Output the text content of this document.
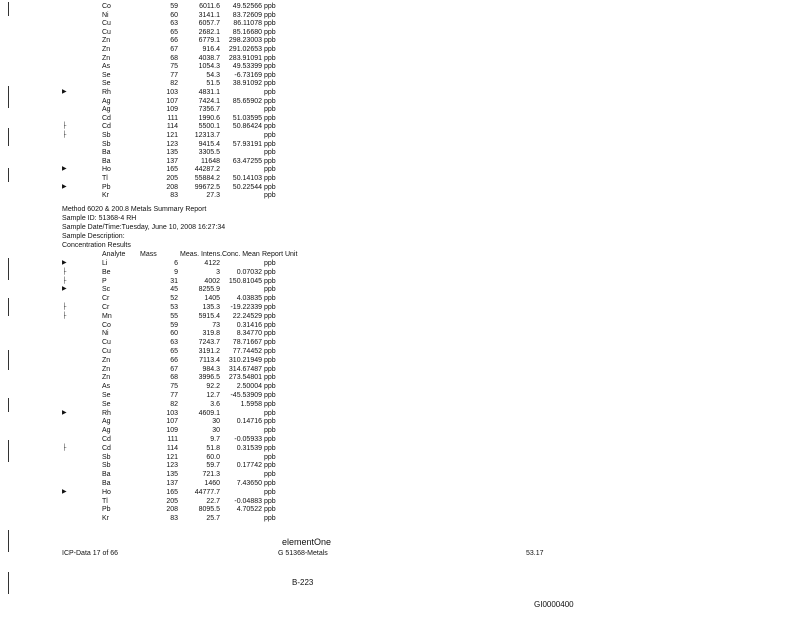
Co	59	6011.6	49.52566 ppb
Ni	60	3141.1	83.72609 ppb
Cu	63	6057.7	86.11078 ppb
Cu	65	2682.1	85.16680 ppb
Zn	66	6779.1	298.23003 ppb
Zn	67	916.4	291.02653 ppb
Zn	68	4038.7	283.91091 ppb
As	75	1054.3	49.53399 ppb
Se	77	54.3	-6.73169 ppb
Se	82	51.5	38.91092 ppb
▶	Rh	103	4831.1	ppb
Ag	107	7424.1	85.65902 ppb
Ag	109	7356.7	ppb
Cd	111	1990.6	51.03595 ppb
├	Cd	114	5500.1	50.86424 ppb
├	Sb	121	12313.7	ppb
Sb	123	9415.4	57.93191 ppb
Ba	135	3305.5	ppb
Ba	137	11648	63.47255 ppb
▶	Ho	165	44287.2	ppb
Tl	205	55884.2	50.14103 ppb
▶	Pb	208	99672.5	50.22544 ppb
Kr	83	27.3	ppb
Method 6020 & 200.8 Metals Summary Report
Sample ID: 51368-4 RH
Sample Date/Time:Tuesday, June 10, 2008 16:27:34
Sample Description:
Concentration Results
Analyte Mass	Meas. Intens. Conc. Mean Report Unit
▶	Li	6	4122	ppb
├	Be	9	3	0.07032 ppb
├	P	31	4002	150.81045 ppb
▶	Sc	45	8255.9	ppb
Cr	52	1405	4.03835 ppb
├	Cr	53	135.3	-19.22339 ppb
├	Mn	55	5915.4	22.24529 ppb
Co	59	73	0.31416 ppb
Ni	60	319.8	8.34770 ppb
Cu	63	7243.7	78.71667 ppb
Cu	65	3191.2	77.74452 ppb
Zn	66	7113.4	310.21949 ppb
Zn	67	984.3	314.67487 ppb
Zn	68	3996.5	273.54801 ppb
As	75	92.2	2.50004 ppb
Se	77	12.7	-45.53909 ppb
Se	82	3.6	1.5958 ppb
▶	Rh	103	4609.1	ppb
Ag	107	30	0.14716 ppb
Ag	109	30	ppb
Cd	111	9.7	-0.05933 ppb
├	Cd	114	51.8	0.31539 ppb
Sb	121	60.0	ppb
Sb	123	59.7	0.17742 ppb
Ba	135	721.3	ppb
Ba	137	1460	7.43650 ppb
▶	Ho	165	44777.7	ppb
Tl	205	22.7	-0.04883 ppb
Pb	208	8095.5	4.70522 ppb
Kr	83	25.7	ppb
elementOne
ICP-Data 17 of 66	G 51368-Metals	53.17
B-223
GI0000400
